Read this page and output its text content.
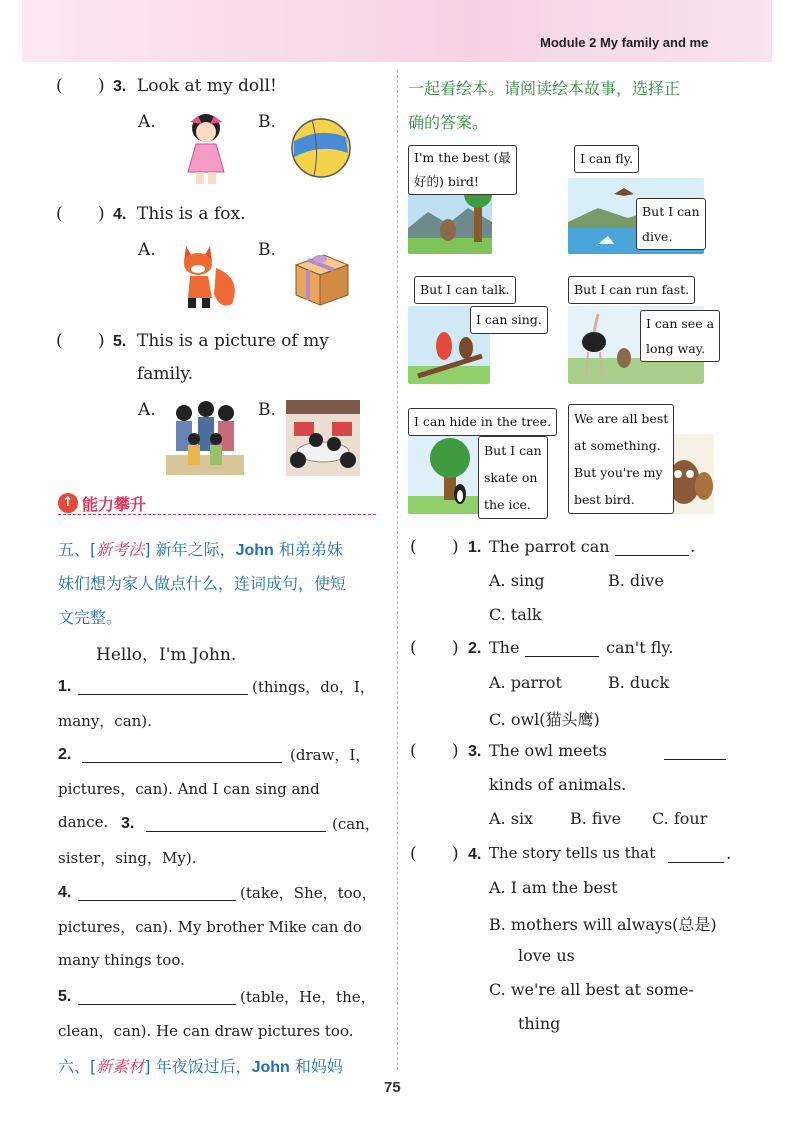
Module 2 My family and me
( ) 3. Look at my doll!
A.	B.
( ) 4. This is a fox.
A.	B.
( ) 5. This is a picture of my
family.
A.	B.
↑ 能力攀升
五、[新考法] 新年之际，John 和弟弟妹
妹们想为家人做点什么，连词成句，使短
文完整。
Hello，I'm John.
1.	(things，do，I，
many，can).
2.	(draw，I，
pictures，can). And I can sing and
dance. 3.	(can，
sister，sing，My).
4.	(take，She，too，
pictures，can). My brother Mike can do
many things too.
5.	(table，He，the，
clean，can). He can draw pictures too.
六、[新素材] 年夜饭过后，John 和妈妈
一起看绘本。请阅读绘本故事，选择正
确的答案。
I'm the best (最
好的) bird!
I can fly.
But I can
dive.
But I can talk.
I can sing.
But I can run fast.
I can see a
long way.
I can hide in the tree.
But I can
skate on
the ice.
We are all best
at something.
But you're my
best bird.
( ) 1. The parrot can	.
A. sing	B. dive
C. talk
( ) 2. The	can't fly.
A. parrot	B. duck
C. owl(猫头鹰)
( ) 3. The owl meets
kinds of animals.
A. six B. five C. four
( ) 4. The story tells us that	.
A. I am the best
B. mothers will always(总是)
love us
C. we're all best at some-
thing
75
